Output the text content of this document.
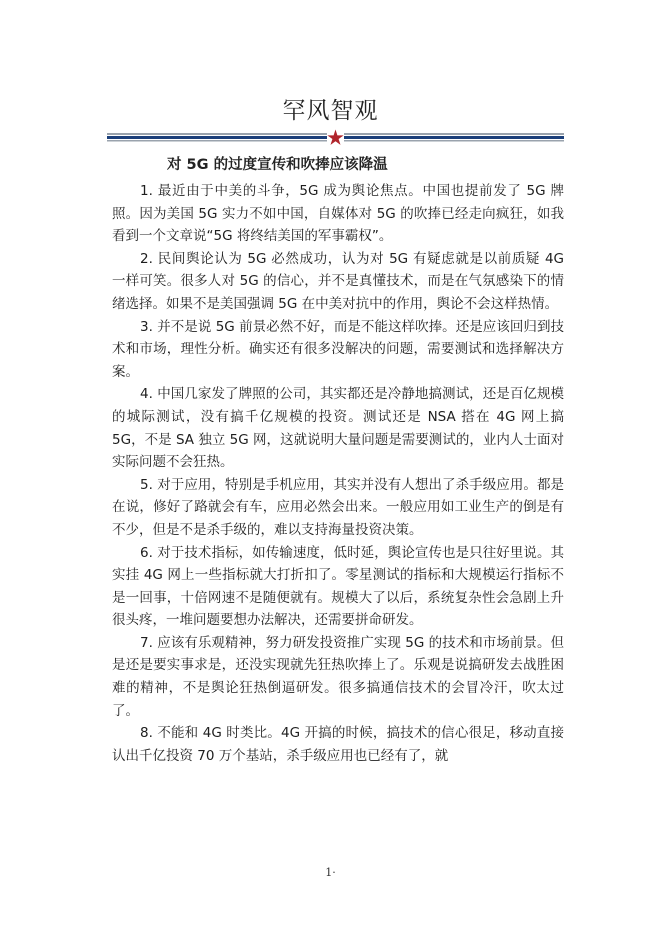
罕风智观
对 5G 的过度宣传和吹捧应该降温

1. 最近由于中美的斗争，5G 成为舆论焦点。中国也提前发了 5G 牌照。因为美国 5G 实力不如中国，自媒体对 5G 的吹捧已经走向疯狂，如我看到一个文章说“5G 将终结美国的军事霸权”。

2. 民间舆论认为 5G 必然成功，认为对 5G 有疑虑就是以前质疑 4G 一样可笑。很多人对 5G 的信心，并不是真懂技术，而是在气氛感染下的情绪选择。如果不是美国强调 5G 在中美对抗中的作用，舆论不会这样热情。

3. 并不是说 5G 前景必然不好，而是不能这样吹捧。还是应该回归到技术和市场，理性分析。确实还有很多没解决的问题，需要测试和选择解决方案。

4. 中国几家发了牌照的公司，其实都还是冷静地搞测试，还是百亿规模的城际测试，没有搞千亿规模的投资。测试还是 NSA 搭在 4G 网上搞 5G，不是 SA 独立 5G 网，这就说明大量问题是需要测试的，业内人士面对实际问题不会狂热。

5. 对于应用，特别是手机应用，其实并没有人想出了杀手级应用。都是在说，修好了路就会有车，应用必然会出来。一般应用如工业生产的倒是有不少，但是不是杀手级的，难以支持海量投资决策。

6. 对于技术指标，如传输速度，低时延，舆论宣传也是只往好里说。其实挂 4G 网上一些指标就大打折扣了。零星测试的指标和大规模运行指标不是一回事，十倍网速不是随便就有。规模大了以后，系统复杂性会急剧上升很头疼，一堆问题要想办法解决，还需要拼命研发。

7. 应该有乐观精神，努力研发投资推广实现 5G 的技术和市场前景。但是还是要实事求是，还没实现就先狂热吹捧上了。乐观是说搞研发去战胜困难的精神，不是舆论狂热倒逼研发。很多搞通信技术的会冒冷汗，吹太过了。

8. 不能和 4G 时类比。4G 开搞的时候，搞技术的信心很足，移动直接认出千亿投资 70 万个基站，杀手级应用也已经有了，就

1·
